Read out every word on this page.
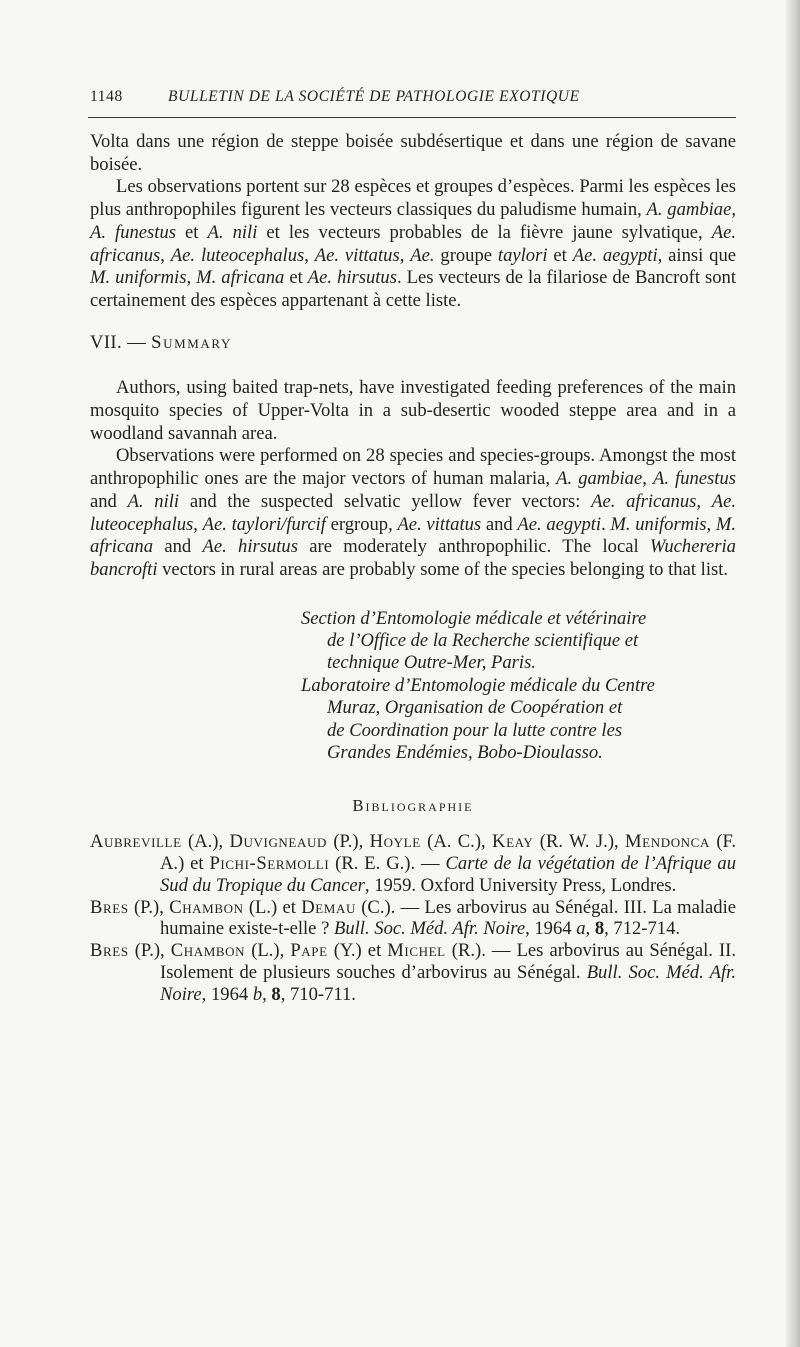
1148	BULLETIN DE LA SOCIÉTÉ DE PATHOLOGIE EXOTIQUE

Volta dans une région de steppe boisée subdésertique et dans une région de savane boisée.

Les observations portent sur 28 espèces et groupes d’espèces. Parmi les espèces les plus anthropophiles figurent les vecteurs classiques du paludisme humain, A. gambiae, A. funestus et A. nili et les vecteurs probables de la fièvre jaune sylvatique, Ae. africanus, Ae. luteocephalus, Ae. vittatus, Ae. groupe taylori et Ae. aegypti, ainsi que M. uniformis, M. africana et Ae. hirsutus. Les vecteurs de la filariose de Bancroft sont certainement des espèces appartenant à cette liste.

VII. — Summary

Authors, using baited trap-nets, have investigated feeding preferences of the main mosquito species of Upper-Volta in a sub-desertic wooded steppe area and in a woodland savannah area.

Observations were performed on 28 species and species-groups. Amongst the most anthropophilic ones are the major vectors of human malaria, A. gambiae, A. funestus and A. nili and the suspected selvatic yellow fever vectors: Ae. africanus, Ae. luteocephalus, Ae. taylori/furcif ergroup, Ae. vittatus and Ae. aegypti. M. uniformis, M. africana and Ae. hirsutus are moderately anthropophilic. The local Wuchereria bancrofti vectors in rural areas are probably some of the species belonging to that list.

Section d’Entomologie médicale et vétérinaire
de l’Office de la Recherche scientifique et
technique Outre-Mer, Paris.
Laboratoire d’Entomologie médicale du Centre
Muraz, Organisation de Coopération et
de Coordination pour la lutte contre les
Grandes Endémies, Bobo-Dioulasso.
Bibliographie

Aubreville (A.), Duvigneaud (P.), Hoyle (A. C.), Keay (R. W. J.), Mendonca (F. A.) et Pichi-Sermolli (R. E. G.). — Carte de la végétation de l’Afrique au Sud du Tropique du Cancer, 1959. Oxford University Press, Londres.

Bres (P.), Chambon (L.) et Demau (C.). — Les arbovirus au Sénégal. III. La maladie humaine existe-t-elle ? Bull. Soc. Méd. Afr. Noire, 1964 a, 8, 712-714.

Bres (P.), Chambon (L.), Pape (Y.) et Michel (R.). — Les arbovirus au Sénégal. II. Isolement de plusieurs souches d’arbovirus au Sénégal. Bull. Soc. Méd. Afr. Noire, 1964 b, 8, 710-711.
